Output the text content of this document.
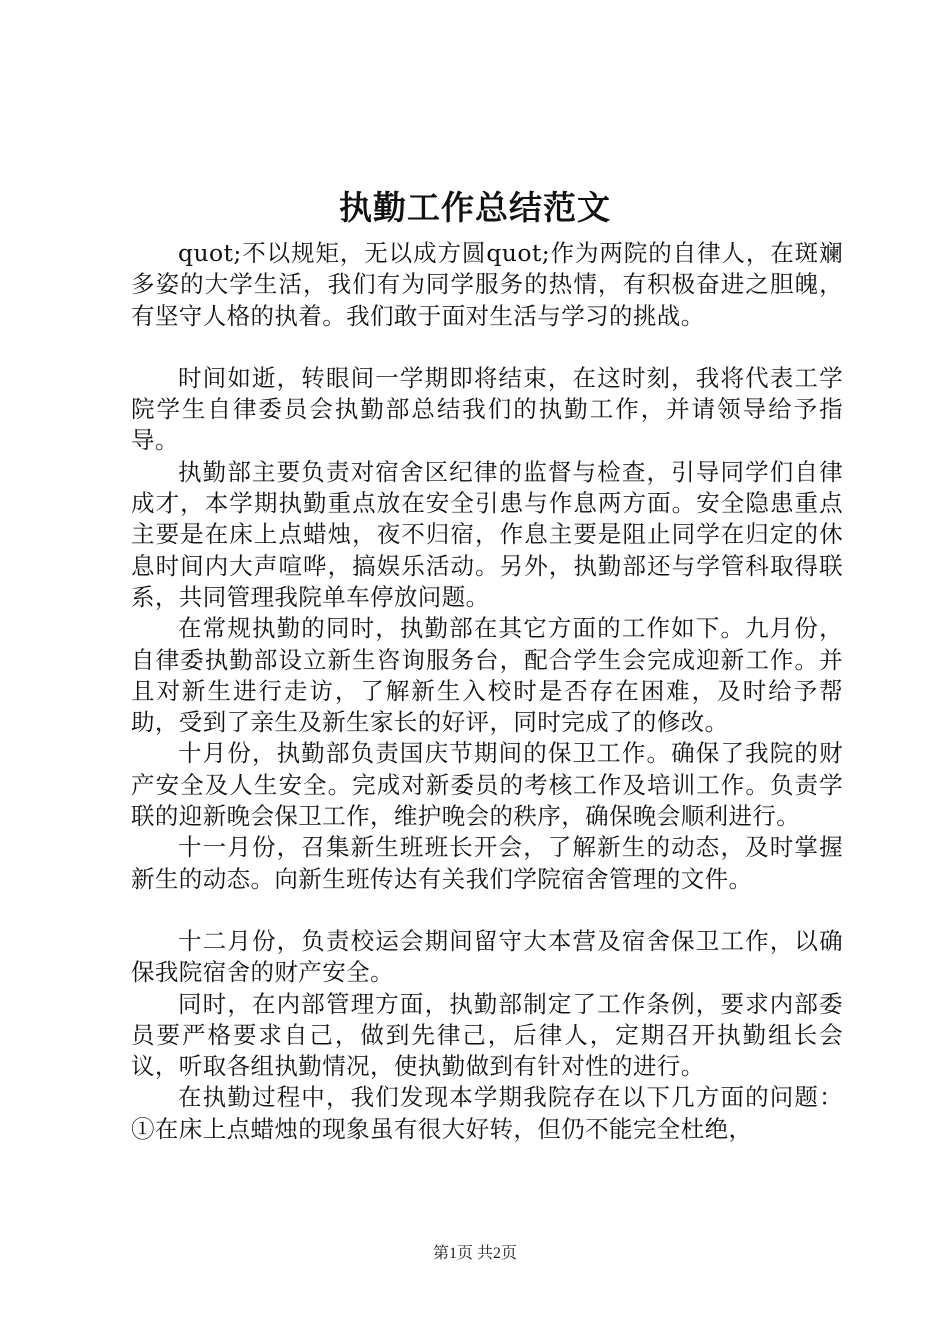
执勤工作总结范文

quot;不以规矩，无以成方圆quot;作为两院的自律人，在斑斓多姿的大学生活，我们有为同学服务的热情，有积极奋进之胆魄，有坚守人格的执着。我们敢于面对生活与学习的挑战。

时间如逝，转眼间一学期即将结束，在这时刻，我将代表工学院学生自律委员会执勤部总结我们的执勤工作，并请领导给予指导。

执勤部主要负责对宿舍区纪律的监督与检查，引导同学们自律成才，本学期执勤重点放在安全引患与作息两方面。安全隐患重点主要是在床上点蜡烛，夜不归宿，作息主要是阻止同学在归定的休息时间内大声喧哗，搞娱乐活动。另外，执勤部还与学管科取得联系，共同管理我院单车停放问题。

在常规执勤的同时，执勤部在其它方面的工作如下。九月份，自律委执勤部设立新生咨询服务台，配合学生会完成迎新工作。并且对新生进行走访，了解新生入校时是否存在困难，及时给予帮助，受到了亲生及新生家长的好评，同时完成了的修改。

十月份，执勤部负责国庆节期间的保卫工作。确保了我院的财产安全及人生安全。完成对新委员的考核工作及培训工作。负责学联的迎新晚会保卫工作，维护晚会的秩序，确保晚会顺利进行。

十一月份，召集新生班班长开会，了解新生的动态，及时掌握新生的动态。向新生班传达有关我们学院宿舍管理的文件。

十二月份，负责校运会期间留守大本营及宿舍保卫工作，以确保我院宿舍的财产安全。

同时，在内部管理方面，执勤部制定了工作条例，要求内部委员要严格要求自己，做到先律己，后律人，定期召开执勤组长会议，听取各组执勤情况，使执勤做到有针对性的进行。

在执勤过程中，我们发现本学期我院存在以下几方面的问题：①在床上点蜡烛的现象虽有很大好转，但仍不能完全杜绝，

第1页 共2页
